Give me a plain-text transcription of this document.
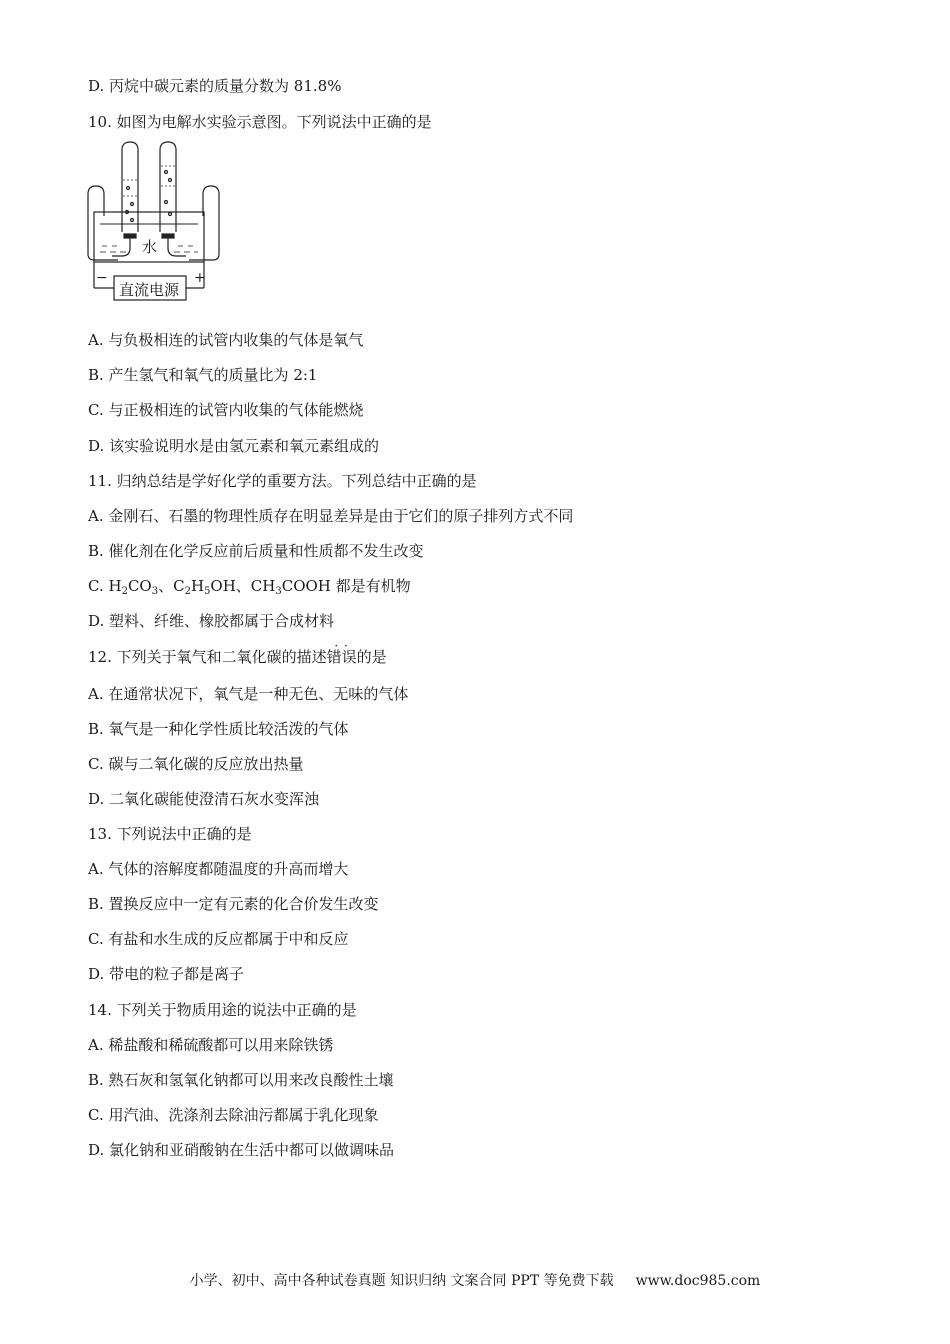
D. 丙烷中碳元素的质量分数为 81.8%
10. 如图为电解水实验示意图。下列说法中正确的是
水
−	+
直流电源
A. 与负极相连的试管内收集的气体是氧气
B. 产生氢气和氧气的质量比为 2:1
C. 与正极相连的试管内收集的气体能燃烧
D. 该实验说明水是由氢元素和氧元素组成的
11. 归纳总结是学好化学的重要方法。下列总结中正确的是
A. 金刚石、石墨的物理性质存在明显差异是由于它们的原子排列方式不同
B. 催化剂在化学反应前后质量和性质都不发生改变
C. $H_2CO_3$、$C_2H_5OH$、$CH_3COOH$ 都是有机物
D. 塑料、纤维、橡胶都属于合成材料
12. 下列关于氧气和二氧化碳的描述· · 错误的是
A. 在通常状况下，氧气是一种无色、无味的气体
B. 氧气是一种化学性质比较活泼的气体
C. 碳与二氧化碳的反应放出热量
D. 二氧化碳能使澄清石灰水变浑浊
13. 下列说法中正确的是
A. 气体的溶解度都随温度的升高而增大
B. 置换反应中一定有元素的化合价发生改变
C. 有盐和水生成的反应都属于中和反应
D. 带电的粒子都是离子
14. 下列关于物质用途的说法中正确的是
A. 稀盐酸和稀硫酸都可以用来除铁锈
B. 熟石灰和氢氧化钠都可以用来改良酸性土壤
C. 用汽油、洗涤剂去除油污都属于乳化现象
D. 氯化钠和亚硝酸钠在生活中都可以做调味品
小学、初中、高中各种试卷真题 知识归纳 文案合同 PPT 等免费下载 www.doc985.com
